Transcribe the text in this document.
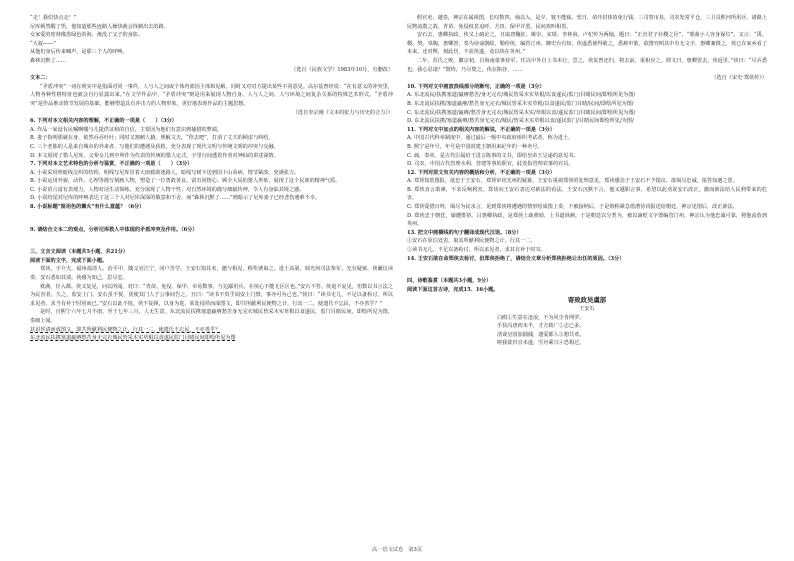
“走！我们快点走！”

尼库顿然醒了悟，他知道那些连路人操快就会找刺出去的路。

女家爱的密林像黑绿色的海，淹没了父子的身影。

“大叙——”

从他们身后传来喊声，是那三个人的呼唤。

森林沉默了……

（选自《民族文学》1983年10月，有删改）

文本二：

“矛盾冲突”一词在现实中是指面对同一事件，人与人之间或个体内部因主体和见解，同时又对对方提出某些不同意见。高尔基曾经说：“在有意义的冲突里，人物各种性格特征也就会自行显露出来。”在文学作品中，“矛盾冲突”则是用来展现人物自身、人与人之间、人与环境之间复杂关系的特殊艺术形式。“矛盾冲突”是作品推动情节发展的基础，能够塑造具有冲击力的人物形象，更好地表现作品的主题思想。

（选自李宗刚《文本的张力与历史的合力》）

6. 下列对本文相关内容的理解，不正确的一项是（　　）（3分）

A. 作品一家设有民嘱啊哪与儿提供证和的自信，主要因为他们有意识到捕猎的弊端。

B. 妻子指明那就在身，依然吞吞吐吐；同时又割刺人籍，理解文夫，“你去吧”，打消了丈夫的顾虑与纠结。

C. 三个老陈的人是来自城市的外来者，写他们的遭遇及获救，充分表现了现代文明与传统文明的冲突与交融。

D. 本文展现了猎人尼库，父辈女儿到中所作为代表的传统的猎人定式，宇里行间透着作者对神仙的讲述深情。

7. 下列对本文艺术特色的分析与鉴赏，不正确的一项是（　　）（3分）

A. 小说采用明暗线交织的结构，明线写尼库冒着大雨救助迷路人，暗线写树卡送到因下山看病，情节紧凑，充满张力。

B. 小说运用外貌、动作、心理等描写刻画人物，塑造了一位勇敢善良、富有同情心、顾全大局的猎人形象，展现了这个民族的精神气质。

C. 小说语言富有表现力，人物对话生动简练，充分展现了人物个性；对自然环境的描写细腻传神，令人有身临其境之感。

D. 小说结尾对尼库的呼唤表达了这三个人对尼库深深的敬意和不舍，而“森林沉默了……”则暗示了尼库妻子已经悲伤遇难不幸。

8. 小说标题“娱坦色的篝火”有什么意蕴？（6分）

9. 请结合文本二的观点，分析尼库救人中体现的矛盾冲突及作用。（6分）

三、文言文阅读（本题共5小题，共21分）

阅读下面的文字，完成下面小题。

郑侠，字介夫，福州福清人。治平中，随父官江宁，闭户苦学。王安石知其名，邀与相见，称奖诱诲之。进士高第，调光州司法参军。光有疑狱，侠谳议读奏，安石悉如其请。侠感为知己，思尽忠。

秩满，径入都。侠又复见，问以所闻，对曰：“青苗、免役、保甲、市易数事，与边鄙用兵，在侠心不能无区区也。”安石不答。侠退不复见，但数以书言法之为民害者。久之，监安上门。安石虽不悦，犹使其门人于公事间告之，且曰：“读书不贵乎闻安上门禁，事亦可为己也。”侠曰：“读书无几，不足以备检讨。所以求见者，求当有补于时用而已。”安石以此不悦。侠不复顾，以身为进，某处侵侯而成图文，即共所献利民便物之计，行其一二，使遗氏不忘民，不亦善乎？”

是时，自熙宁六年七月不雨，至于七年三月，人无生意。东北流民扶携塞道羸瘠愁苦身无完衣城民皆采木实草根以食遂民，监门目睹民间，即绘所见为图，奏疏上闻。

其诏侯请而成图文，即共所献利民便物之计，行其一二，使遗氏不忘民，不亦善乎？

东北流民扶携塞道羸瘠愁苦身无完衣城民皆采木实草根以食遂民监门目睹民间即绘所见为图

假官吏，越奏，神宗在属视图，长叹数四，袖以入，是夕，寝不能寐。翌日，命开封体放免行钱，三司察市易，司农发常平仓，三卫具熙河所用兵，诸路上民物流散之故，青苗、免役权息追呼，方田、保甲并罢，民间欢叫相贺。

安石去，惠卿执政，侠又上疏论之，且取唐魏征、姚崇、宋璟、李林甫、卢杞传为两轴，题曰：“正直君子社稷之臣”，“邪曲小人容身保位”。又言：“禹、稷、契、皋陶，惠卿怒，奏为谤讪朝政，勒停侠，编管汀州。御史台有知，侠遂悉使得赦之，悉赦申策，欲推究明其中有无文字，惠卿兼摄之，侠已在家乡看了本来，还对释，刻此居，不获侠遂，竟以侠在英州。”

二年，苏氏之败，徽宗初，自海南量事侍军，任以中外自上书未行，尝之，侠复曾还归，将去前，重相应之，谓文曰，惠卿罢去，侠返里。”侠曰：“尽兵悉也，我心忍诸？”既终，乃尽焚之。侠在陷谷，……

（选自《宋史·郑侠传》）

10. 下列对文中画波浪线部分的断句，正确的一项是（3分）

A. 东北流民/扶携塞道/羸瘠愁苦/身无完衣/城民皆采木实草根/以食遂民/监门/目睹民间/即绘所见为图/

B. 东北流民扶携/塞道羸瘠/愁苦身无完衣/城民皆采木实草根/以食遂民/监门目睹/民间/即绘所见为图/

C. 东北流民/扶携塞道/羸瘠/愁苦身无完衣/城民皆采木实/草根以食/遂民监门/目睹民间/即绘所见为图/

D. 东北流民扶携/塞道羸瘠/愁苦身无完衣/城民/皆采木实草根以食/遂民监门/目睹民间即绘所见/为图/

11. 下列对文中加点的相关内容的解说，不正确的一项是（3分）

A. 中国古代科举制度中，通过最后一级中央政府组织考试者，称为进士。

B. 熙宁是年号，年号是中国封建王朝用来纪年的一种名号。

C. 疏，奏章，是古代臣属给王进言陈事的文书，即给皇帝王呈递的意见书。

D. 司农，中国古代管理水利、营建等事的职官，此处指管理农事的官员。

12. 下列对原文有关内容的概括和分析，不正确的一项是（3分）

A. 郑侠知恩图报，欲忠于王安石。郑侠审讯光州的疑狱，王安石重视郑侠的处理意见，郑侠感念于王安石不予提议，欲竭尽忠诚，报答知遇之恩。

B. 郑侠直言敢谏，不求反响利害。郑侠向王安石表达对新法的看法，王安石沉默不言，他又越职言事，希望以此劝说安石改正，激而新法给人民利带来的危害。

C. 郑侠爱惜百姓，竭尽为民求言，见到郑侠将遭遇的情形绘成图上奏，不被接纳后，于是假称紧急借漕侍讯报送给朝廷，神宗见图后，改正新法。

D. 郑侠忠于朝廷，屡遭排挤。吕惠卿执政，是郑侠上疏弹劾，上书道讽刺，于是朝廷以分类为，被以谪贬文字置编管汀州，神宗认为他忠诚可靠，将他流放到英州。

13. 把文中画横线的句子翻译成现代汉语。（8分）

①安石在原信处表，取其所献利民便物之计，行其一二。

②读书无几，不足以备检讨，所以求见者，求其有补于时耳。

14. 王安石欲在命郑侠去检讨，但郑侠拒绝了，请结合文章分析郑侠拒绝让出任的原因。（3分）

四、诗歌鉴赏（本题共3小题，9分）

阅读下面这首古诗，完成15、16小题。

寄致政吴虞部

王安石

白鸥①生意在沧浪，不为风尘肯网罗。

手执冯唐初未半，才方致广②志已多。

清谈皇国加捕捕，遗爱都人③想共欢。

嗟我欲归宜未遂，雪舟乘兴④恐相过。

高一语文试卷　第3页
